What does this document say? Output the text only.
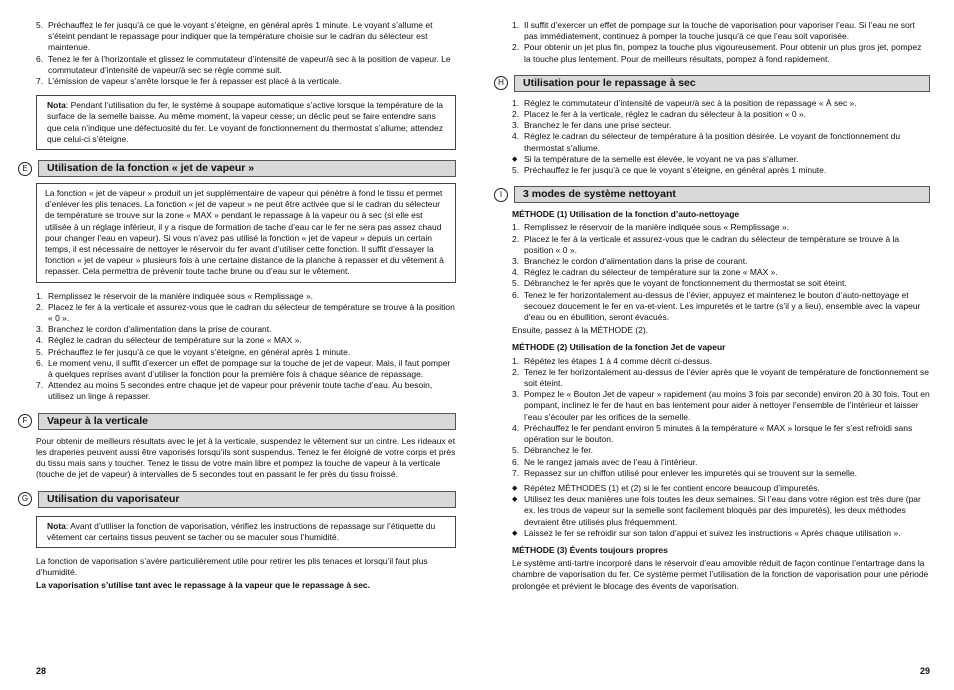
5. Préchauffez le fer jusqu’à ce que le voyant s’éteigne, en général après 1 minute. Le voyant s’allume et s’éteint pendant le repassage pour indiquer que la température choisie sur le cadran du sélecteur est maintenue.
6. Tenez le fer à l’horizontale et glissez le commutateur d’intensité de vapeur/à sec à la position de vapeur. Le commutateur d’intensité de vapeur/à sec se règle comme suit.
7. L’émission de vapeur s’arrête lorsque le fer à repasser est placé à la verticale.
Nota: Pendant l’utilisation du fer, le système à soupape automatique s’active lorsque la température de la surface de la semelle baisse. Au même moment, la vapeur cesse; un déclic peut se faire entendre sans que cela n’indique une défectuosité du fer. Le voyant de fonctionnement du thermostat s’allume; attendez que celui-ci s’éteigne.
E	Utilisation de la fonction « jet de vapeur »
La fonction « jet de vapeur » produit un jet supplémentaire de vapeur qui pénètre à fond le tissu et permet d’enlever les plis tenaces. La fonction « jet de vapeur » ne peut être activée que si le cadran du sélecteur de température se trouve sur la zone « MAX » pendant le repassage à la vapeur ou à sec (si elle est utilisée à un réglage inférieur, il y a risque de formation de tache d’eau car le fer ne sera pas assez chaud pour changer l’eau en vapeur). Si vous n’avez pas utilisé la fonction « jet de vapeur » depuis un certain temps, il est nécessaire de nettoyer le réservoir du fer avant d’utiliser cette fonction. Il suffit d’essayer la fonction « jet de vapeur » plusieurs fois à une certaine distance de la planche à repasser et du vêtement à repasser. Cela permettra de prévenir toute tache brune ou d’eau sur le vêtement.
1. Remplissez le réservoir de la manière indiquée sous « Remplissage ».
2. Placez le fer à la verticale et assurez-vous que le cadran du sélecteur de température se trouve à la position « 0 ».
3. Branchez le cordon d’alimentation dans la prise de courant.
4. Réglez le cadran du sélecteur de température sur la zone « MAX ».
5. Préchauffez le fer jusqu’à ce que le voyant s’éteigne, en général après 1 minute.
6. Le moment venu, il suffit d’exercer un effet de pompage sur la touche de jet de vapeur. Mais, il faut pomper à quelques reprises avant d’utiliser la fonction pour la première fois à chaque séance de repassage.
7. Attendez au moins 5 secondes entre chaque jet de vapeur pour prévenir toute tache d’eau. Au besoin, utilisez un linge à repasser.
F	Vapeur à la verticale

Pour obtenir de meilleurs résultats avec le jet à la verticale, suspendez le vêtement sur un cintre. Les rideaux et les draperies peuvent aussi être vaporisés lorsqu’ils sont suspendus. Tenez le fer éloigné de votre corps et près du tissu mais sans y toucher. Tenez le tissu de votre main libre et pompez la touche de vapeur à la verticale (touche de jet de vapeur) à intervalles de 5 secondes tout en passant le fer près du tissu froissé.

G	Utilisation du vaporisateur
Nota: Avant d’utiliser la fonction de vaporisation, vérifiez les instructions de repassage sur l’étiquette du vêtement car certains tissus peuvent se tacher ou se maculer sous l’humidité.

La fonction de vaporisation s’avère particulièrement utile pour retirer les plis tenaces et lorsqu’il faut plus d’humidité.

La vaporisation s’utilise tant avec le repassage à la vapeur que le repassage à sec.

28
1. Il suffit d’exercer un effet de pompage sur la touche de vaporisation pour vaporiser l’eau. Si l’eau ne sort pas immédiatement, continuez à pomper la touche jusqu’à ce que l’eau soit vaporisée.
2. Pour obtenir un jet plus fin, pompez la touche plus vigoureusement. Pour obtenir un plus gros jet, pompez la touche plus lentement. Pour de meilleurs résultats, pompez à fond rapidement.
H	Utilisation pour le repassage à sec
1. Réglez le commutateur d’intensité de vapeur/à sec à la position de repassage « À sec ».
2. Placez le fer à la verticale, réglez le cadran du sélecteur à la position « 0 ».
3. Branchez le fer dans une prise secteur.
4. Réglez le cadran du sélecteur de température à la position désirée. Le voyant de fonctionnement du thermostat s’allume.
◆ Si la température de la semelle est élevée, le voyant ne va pas s’allumer.
5. Préchauffez le fer jusqu’à ce que le voyant s’éteigne, en général après 1 minute.
I	3 modes de système nettoyant
MÉTHODE (1) Utilisation de la fonction d’auto-nettoyage
1. Remplissez le réservoir de la manière indiquée sous « Remplissage ».
2. Placez le fer à la verticale et assurez-vous que le cadran du sélecteur de température se trouve à la position « 0 ».
3. Branchez le cordon d’alimentation dans la prise de courant.
4. Réglez le cadran du sélecteur de température sur la zone « MAX ».
5. Débranchez le fer après que le voyant de fonctionnement du thermostat se soit éteint.
6. Tenez le fer horizontalement au-dessus de l’évier, appuyez et maintenez le bouton d’auto-nettoyage et secouez doucement le fer en va-et-vient. Les impuretés et le tartre (s’il y a lieu), ensemble avec la vapeur d’eau ou en ébullition, seront évacués.
Ensuite, passez à la MÉTHODE (2).
MÉTHODE (2) Utilisation de la fonction Jet de vapeur
1. Répétez les étapes 1 à 4 comme décrit ci-dessus.
2. Tenez le fer horizontalement au-dessus de l’évier après que le voyant de température de fonctionnement se soit éteint.
3. Pompez le « Bouton Jet de vapeur » rapidement (au moins 3 fois par seconde) environ 20 à 30 fois. Tout en pompant, inclinez le fer de haut en bas lentement pour aider à nettoyer l’ensemble de l’intérieur et laisser l’eau s’écouler par les orifices de la semelle.
4. Préchauffez le fer pendant environ 5 minutes à la température « MAX » lorsque le fer s’est refroidi sans opération sur le bouton.
5. Débranchez le fer.
6. Ne le rangez jamais avec de l’eau à l’intérieur.
7. Repassez sur un chiffon utilisé pour enlever les impuretés qui se trouvent sur la semelle.
◆ Répétez MÉTHODES (1) et (2) si le fer contient encore beaucoup d’impuretés.
◆ Utilisez les deux manières une fois toutes les deux semaines. Si l’eau dans votre région est très dure (par ex. les trous de vapeur sur la semelle sont facilement bloqués par des impuretés), les deux méthodes devraient être utilisés plus fréquemment.
◆ Laissez le fer se refroidir sur son talon d’appui et suivez les instructions « Après chaque utilisation ».
MÉTHODE (3) Évents toujours propres

Le système anti-tartre incorporé dans le réservoir d’eau amovible réduit de façon continue l’entartrage dans la chambre de vaporisation du fer. Ce système permet l’utilisation de la fonction de vaporisation pour une période prolongée et prévient le blocage des évents de vaporisation.

29
